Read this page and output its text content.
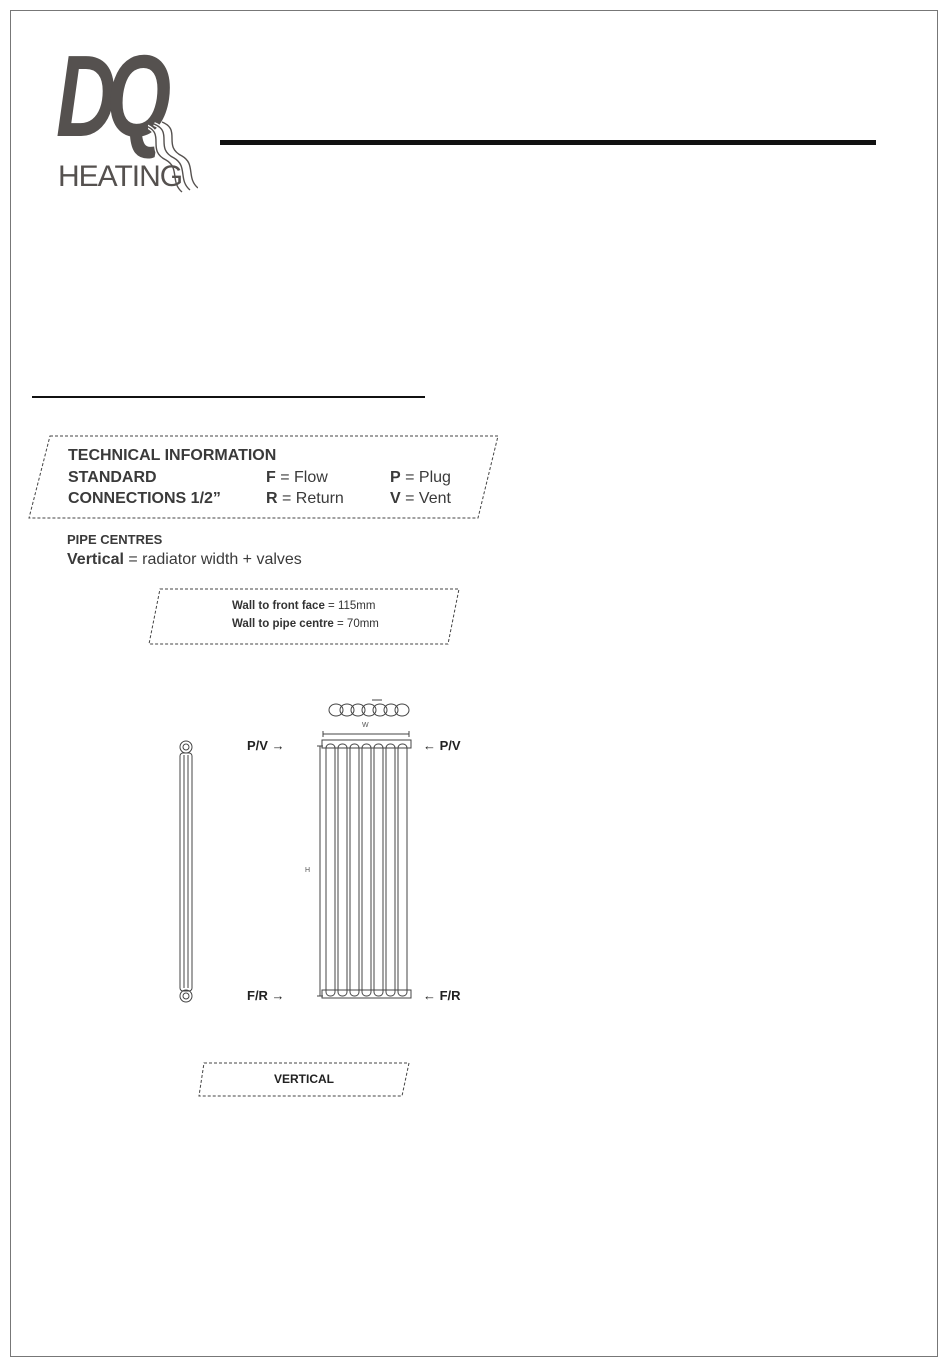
DQ
HEATING
TECHNICAL INFORMATION
STANDARD
CONNECTIONS 1/2”
F = Flow
R = Return
P = Plug
V = Vent
PIPE CENTRES
Vertical = radiator width + valves
Wall to front face = 115mm
Wall to pipe centre = 70mm
W
H
P/V →	← P/V
F/R →	← F/R
VERTICAL
